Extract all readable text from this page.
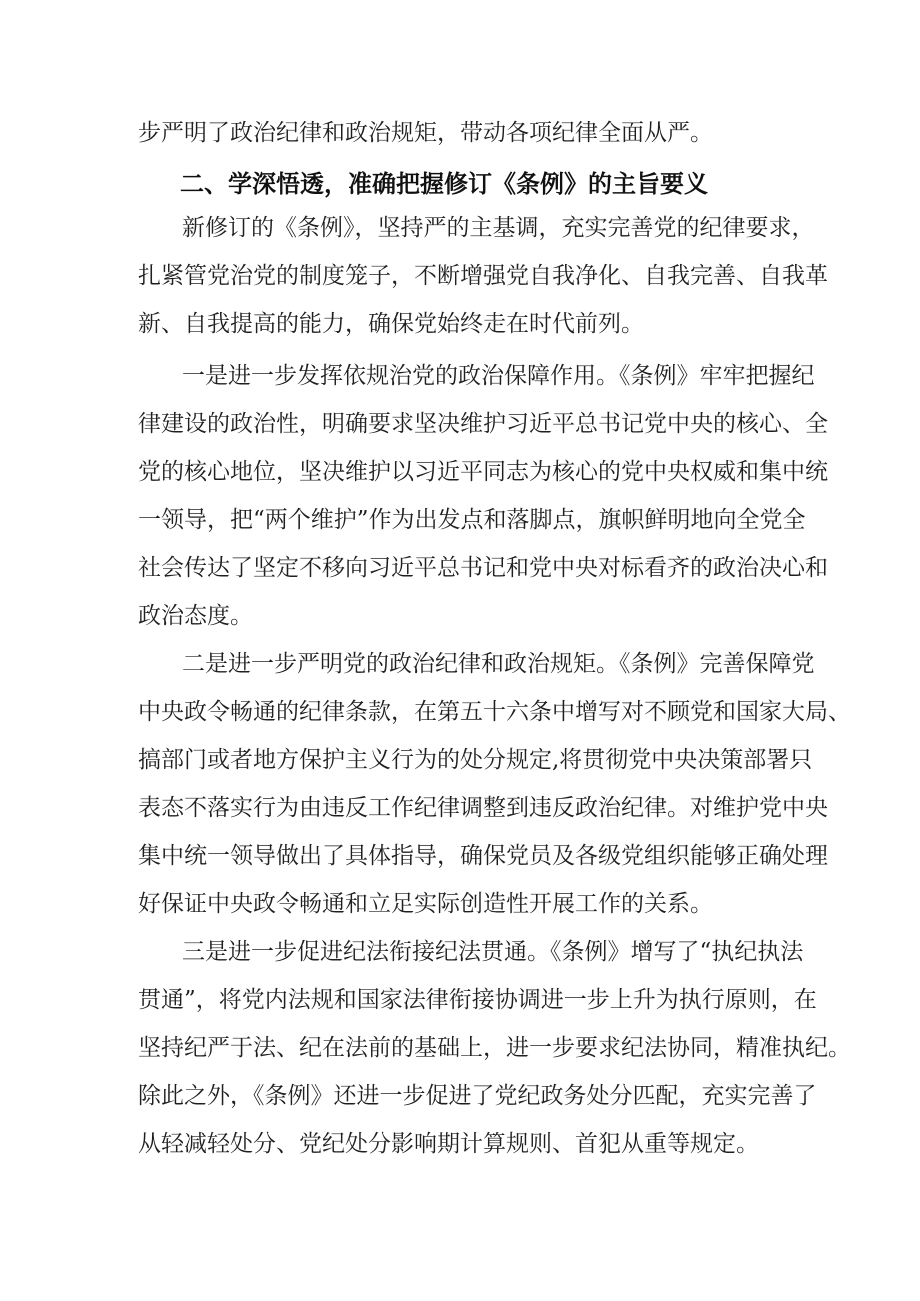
步严明了政治纪律和政治规矩，带动各项纪律全面从严。
二、学深悟透，准确把握修订《条例》的主旨要义
新修订的《条例》，坚持严的主基调，充实完善党的纪律要求，
扎紧管党治党的制度笼子，不断增强党自我净化、自我完善、自我革
新、自我提高的能力，确保党始终走在时代前列。
一是进一步发挥依规治党的政治保障作用。《条例》牢牢把握纪
律建设的政治性，明确要求坚决维护习近平总书记党中央的核心、全
党的核心地位，坚决维护以习近平同志为核心的党中央权威和集中统
一领导，把“两个维护”作为出发点和落脚点，旗帜鲜明地向全党全
社会传达了坚定不移向习近平总书记和党中央对标看齐的政治决心和
政治态度。
二是进一步严明党的政治纪律和政治规矩。《条例》完善保障党
中央政令畅通的纪律条款，在第五十六条中增写对不顾党和国家大局、
搞部门或者地方保护主义行为的处分规定,将贯彻党中央决策部署只
表态不落实行为由违反工作纪律调整到违反政治纪律。对维护党中央
集中统一领导做出了具体指导，确保党员及各级党组织能够正确处理
好保证中央政令畅通和立足实际创造性开展工作的关系。
三是进一步促进纪法衔接纪法贯通。《条例》增写了“执纪执法
贯通”，将党内法规和国家法律衔接协调进一步上升为执行原则，在
坚持纪严于法、纪在法前的基础上，进一步要求纪法协同，精准执纪。
除此之外，《条例》还进一步促进了党纪政务处分匹配，充实完善了
从轻减轻处分、党纪处分影响期计算规则、首犯从重等规定。
